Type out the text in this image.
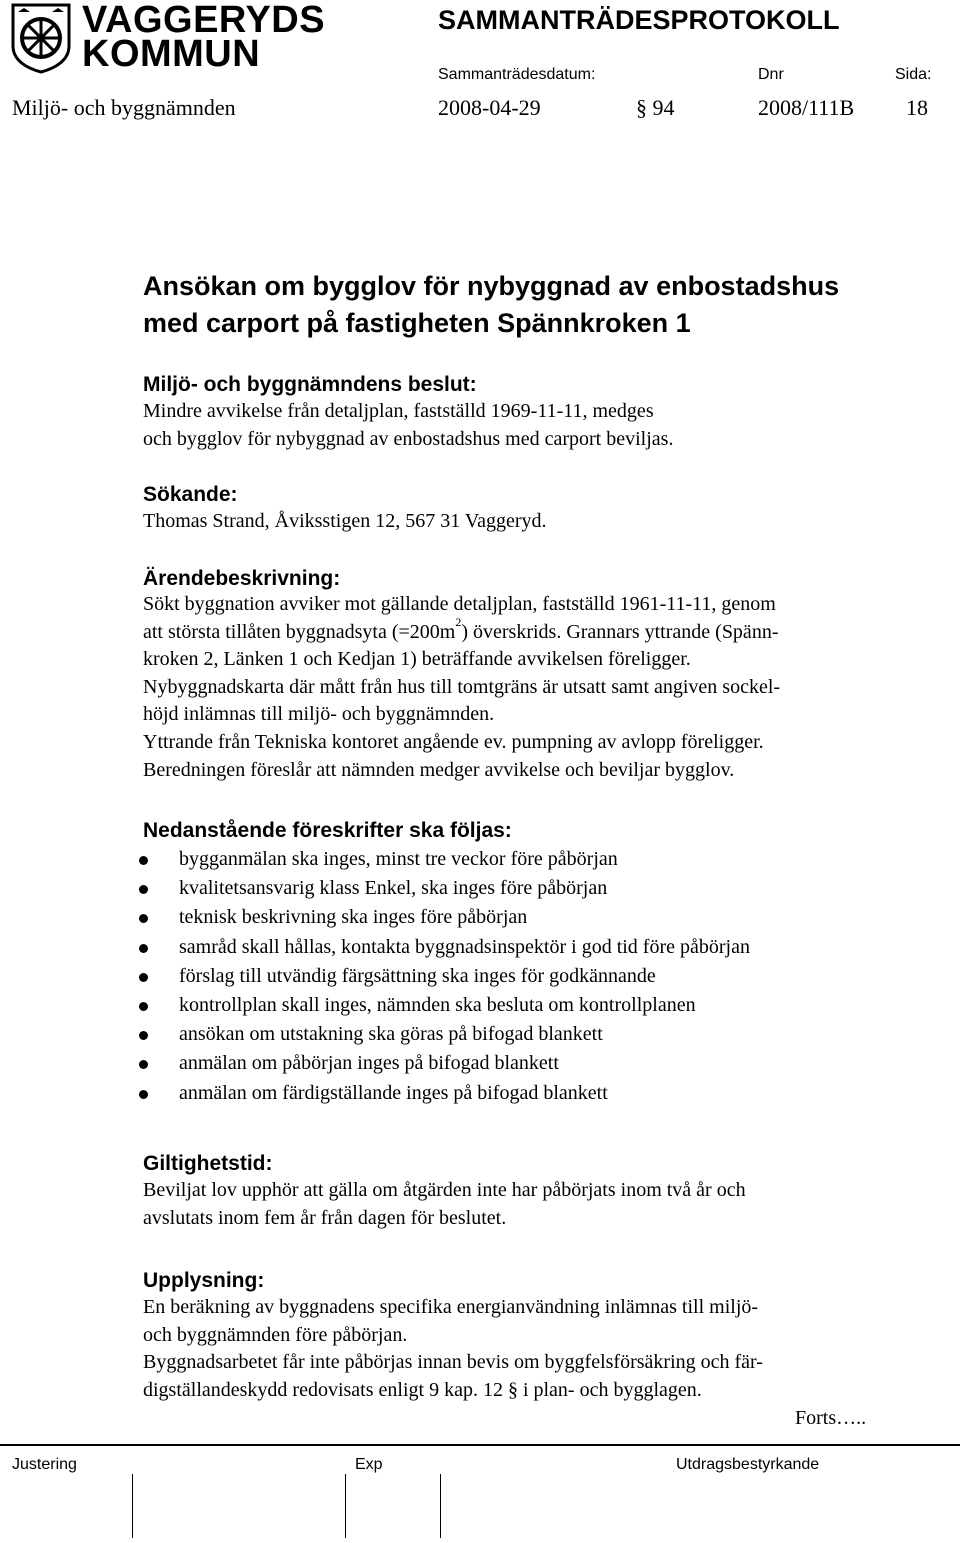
VAGGERYDS
KOMMUN
SAMMANTRÄDESPROTOKOLL
Sammanträdesdatum:	Dnr	Sida:
Miljö- och byggnämnden	2008-04-29	§ 94	2008/111B 18
Ansökan om bygglov för nybyggnad av enbostadshus
med carport på fastigheten Spännkroken 1
Miljö- och byggnämndens beslut:
Mindre avvikelse från detaljplan, fastställd 1969-11-11, medges
och bygglov för nybyggnad av enbostadshus med carport beviljas.
Sökande:
Thomas Strand, Åviksstigen 12, 567 31 Vaggeryd.
Ärendebeskrivning:
Sökt byggnation avviker mot gällande detaljplan, fastställd 1961-11-11, genom
att största tillåten byggnadsyta $(=200m^2)$ överskrids. Grannars yttrande (Spänn-
kroken 2, Länken 1 och Kedjan 1) beträffande avvikelsen föreligger.
Nybyggnadskarta där mått från hus till tomtgräns är utsatt samt angiven sockel-
höjd inlämnas till miljö- och byggnämnden.
Yttrande från Tekniska kontoret angående ev. pumpning av avlopp föreligger.
Beredningen föreslår att nämnden medger avvikelse och beviljar bygglov.
Nedanstående föreskrifter ska följas:
bygganmälan ska inges, minst tre veckor före påbörjan
kvalitetsansvarig klass Enkel, ska inges före påbörjan
teknisk beskrivning ska inges före påbörjan
samråd skall hållas, kontakta byggnadsinspektör i god tid före påbörjan
förslag till utvändig färgsättning ska inges för godkännande
kontrollplan skall inges, nämnden ska besluta om kontrollplanen
ansökan om utstakning ska göras på bifogad blankett
anmälan om påbörjan inges på bifogad blankett
anmälan om färdigställande inges på bifogad blankett
Giltighetstid:
Beviljat lov upphör att gälla om åtgärden inte har påbörjats inom två år och
avslutats inom fem år från dagen för beslutet.
Upplysning:
En beräkning av byggnadens specifika energianvändning inlämnas till miljö-
och byggnämnden före påbörjan.
Byggnadsarbetet får inte påbörjas innan bevis om byggfelsförsäkring och fär-
digställandeskydd redovisats enligt 9 kap. 12 § i plan- och bygglagen.
Forts…..
Justering	Exp	Utdragsbestyrkande
